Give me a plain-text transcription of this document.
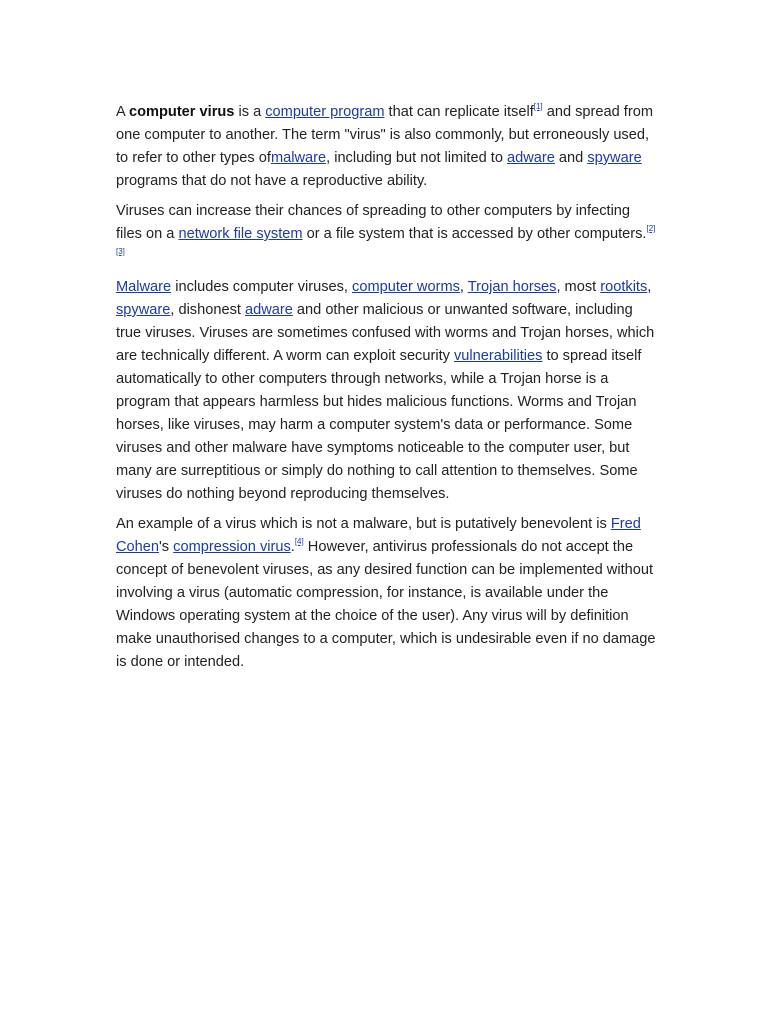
A computer virus is a computer program that can replicate itself[1] and spread from one computer to another. The term "virus" is also commonly, but erroneously used, to refer to other types ofmalware, including but not limited to adware and spyware programs that do not have a reproductive ability.

Viruses can increase their chances of spreading to other computers by infecting files on a network file system or a file system that is accessed by other computers.[2][3]

Malware includes computer viruses, computer worms, Trojan horses, most rootkits, spyware, dishonest adware and other malicious or unwanted software, including true viruses. Viruses are sometimes confused with worms and Trojan horses, which are technically different. A worm can exploit security vulnerabilities to spread itself automatically to other computers through networks, while a Trojan horse is a program that appears harmless but hides malicious functions. Worms and Trojan horses, like viruses, may harm a computer system's data or performance. Some viruses and other malware have symptoms noticeable to the computer user, but many are surreptitious or simply do nothing to call attention to themselves. Some viruses do nothing beyond reproducing themselves.

An example of a virus which is not a malware, but is putatively benevolent is Fred Cohen's compression virus.[4] However, antivirus professionals do not accept the concept of benevolent viruses, as any desired function can be implemented without involving a virus (automatic compression, for instance, is available under the Windows operating system at the choice of the user). Any virus will by definition make unauthorised changes to a computer, which is undesirable even if no damage is done or intended.
